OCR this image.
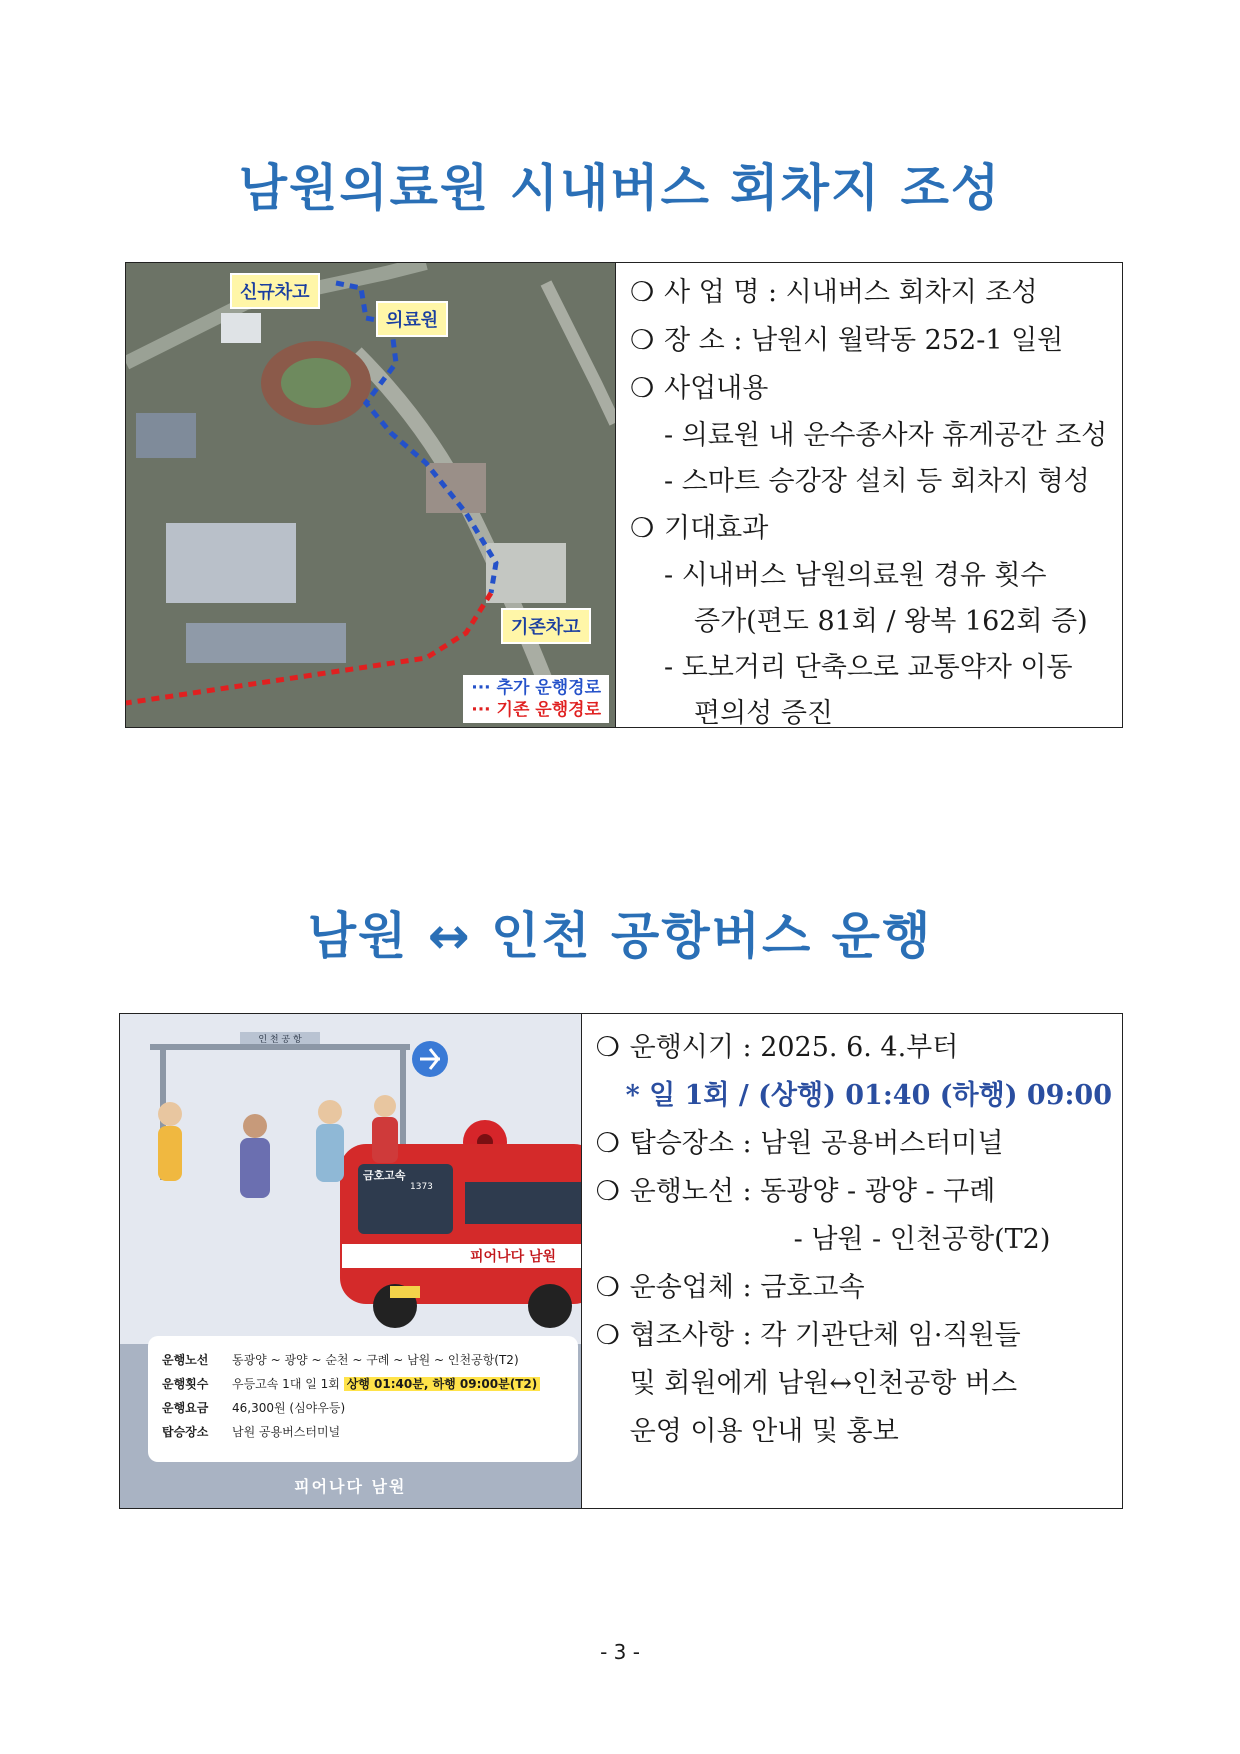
남원의료원 시내버스 회차지 조성
신규차고
의료원
기존차고
··· 추가 운행경로
··· 기존 운행경로
❍ 사 업 명 : 시내버스 회차지 조성
❍ 장 소 : 남원시 월락동 252-1 일원
❍ 사업내용
- 의료원 내 운수종사자 휴게공간 조성
- 스마트 승강장 설치 등 회차지 형성
❍ 기대효과
- 시내버스 남원의료원 경유 횟수
증가(편도 81회 / 왕복 162회 증)
- 도보거리 단축으로 교통약자 이동
편의성 증진
남원 ↔ 인천 공항버스 운행
인 천 공 항
금호고속
1373
피어나다 남원
운행노선	동광양 ~ 광양 ~ 순천 ~ 구례 ~ 남원 ~ 인천공항(T2)
운행횟수	우등고속 1대 일 1회 상행 01:40분, 하행 09:00분(T2)
운행요금	46,300원 (심야우등)
탑승장소	남원 공용버스터미널
피어나다 남원
❍ 운행시기 : 2025. 6. 4.부터
* 일 1회 / (상행) 01:40 (하행) 09:00
❍ 탑승장소 : 남원 공용버스터미널
❍ 운행노선 : 동광양 - 광양 - 구례
- 남원 - 인천공항(T2)
❍ 운송업체 : 금호고속
❍ 협조사항 : 각 기관단체 임·직원들
및 회원에게 남원↔인천공항 버스
운영 이용 안내 및 홍보
- 3 -
